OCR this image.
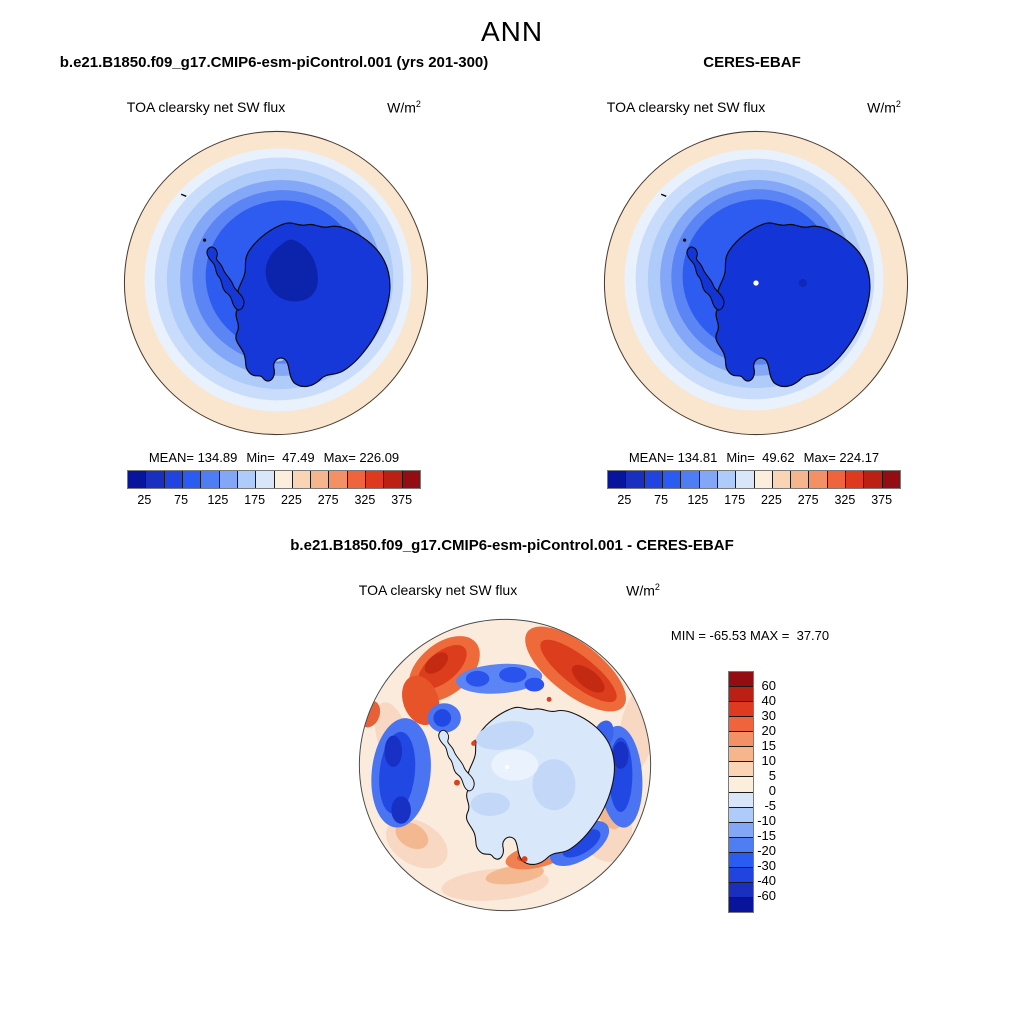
ANN
b.e21.B1850.f09_g17.CMIP6-esm-piControl.001 (yrs 201-300)	CERES-EBAF
TOA clearsky net SW flux	$W/m^2$	TOA clearsky net SW flux	$W/m^2$
MEAN= 134.89 Min=  47.49 Max= 226.09
25	75	125	175	225	275	325	375
MEAN= 134.81 Min=  49.62 Max= 224.17
25	75	125	175	225	275	325	375
b.e21.B1850.f09_g17.CMIP6-esm-piControl.001 - CERES-EBAF
TOA clearsky net SW flux	$W/m^2$
MIN = -65.53 MAX =  37.70
60
40
30
20
15
10
5
0
-5
-10
-15
-20
-30
-40
-60
